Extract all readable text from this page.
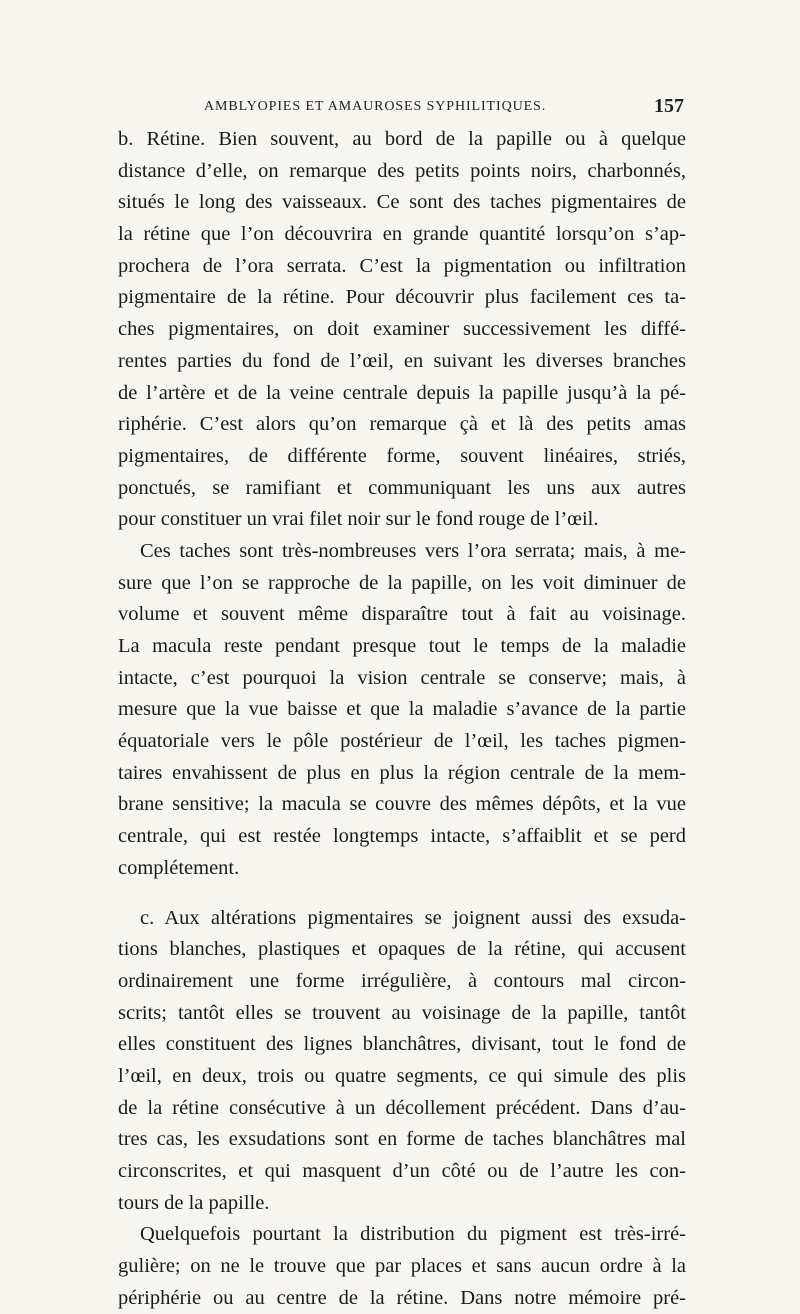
AMBLYOPIES ET AMAUROSES SYPHILITIQUES.	157
b. Rétine. Bien souvent, au bord de la papille ou à quelque
distance d’elle, on remarque des petits points noirs, charbonnés,
situés le long des vaisseaux. Ce sont des taches pigmentaires de
la rétine que l’on découvrira en grande quantité lorsqu’on s’ap-
prochera de l’ora serrata. C’est la pigmentation ou infiltration
pigmentaire de la rétine. Pour découvrir plus facilement ces ta-
ches pigmentaires, on doit examiner successivement les diffé-
rentes parties du fond de l’œil, en suivant les diverses branches
de l’artère et de la veine centrale depuis la papille jusqu’à la pé-
riphérie. C’est alors qu’on remarque çà et là des petits amas
pigmentaires, de différente forme, souvent linéaires, striés,
ponctués, se ramifiant et communiquant les uns aux autres
pour constituer un vrai filet noir sur le fond rouge de l’œil.
Ces taches sont très-nombreuses vers l’ora serrata; mais, à me-
sure que l’on se rapproche de la papille, on les voit diminuer de
volume et souvent même disparaître tout à fait au voisinage.
La macula reste pendant presque tout le temps de la maladie
intacte, c’est pourquoi la vision centrale se conserve; mais, à
mesure que la vue baisse et que la maladie s’avance de la partie
équatoriale vers le pôle postérieur de l’œil, les taches pigmen-
taires envahissent de plus en plus la région centrale de la mem-
brane sensitive; la macula se couvre des mêmes dépôts, et la vue
centrale, qui est restée longtemps intacte, s’affaiblit et se perd
complétement.
c. Aux altérations pigmentaires se joignent aussi des exsuda-
tions blanches, plastiques et opaques de la rétine, qui accusent
ordinairement une forme irrégulière, à contours mal circon-
scrits; tantôt elles se trouvent au voisinage de la papille, tantôt
elles constituent des lignes blanchâtres, divisant, tout le fond de
l’œil, en deux, trois ou quatre segments, ce qui simule des plis
de la rétine consécutive à un décollement précédent. Dans d’au-
tres cas, les exsudations sont en forme de taches blanchâtres mal
circonscrites, et qui masquent d’un côté ou de l’autre les con-
tours de la papille.
Quelquefois pourtant la distribution du pigment est très-irré-
gulière; on ne le trouve que par places et sans aucun ordre à la
périphérie ou au centre de la rétine. Dans notre mémoire pré-
